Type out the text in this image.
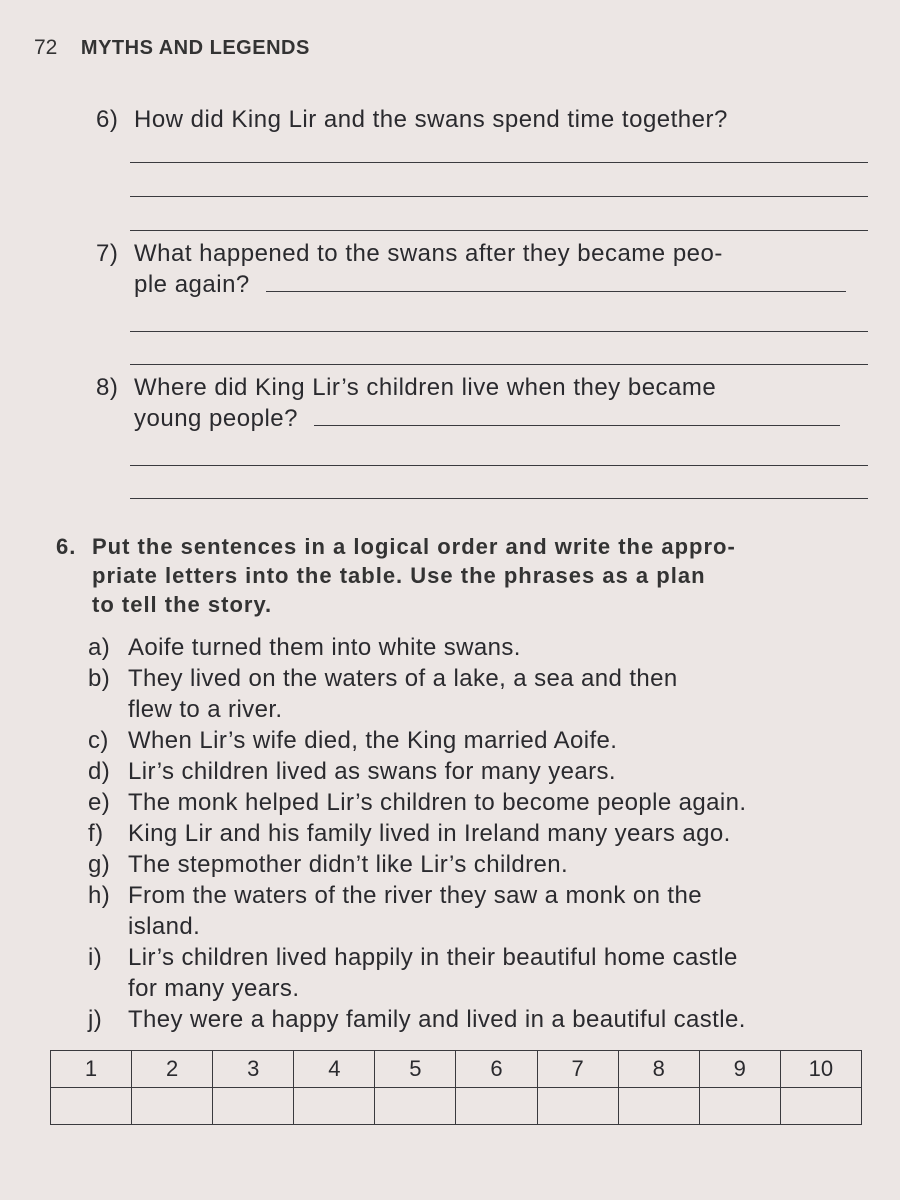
72 MYTHS AND LEGENDS
6) How did King Lir and the swans spend time together?
7) What happened to the swans after they became peo-
ple again?
8) Where did King Lir’s children live when they became
young people?
6. Put the sentences in a logical order and write the appro-
priate letters into the table. Use the phrases as a plan
to tell the story.
a) Aoife turned them into white swans.
b) They lived on the waters of a lake, a sea and then
flew to a river.
c) When Lir’s wife died, the King married Aoife.
d) Lir’s children lived as swans for many years.
e) The monk helped Lir’s children to become people again.
f) King Lir and his family lived in Ireland many years ago.
g) The stepmother didn’t like Lir’s children.
h) From the waters of the river they saw a monk on the
island.
i) Lir’s children lived happily in their beautiful home castle
for many years.
j) They were a happy family and lived in a beautiful castle.
1	2	3	4	5	6	7	8	9	10
